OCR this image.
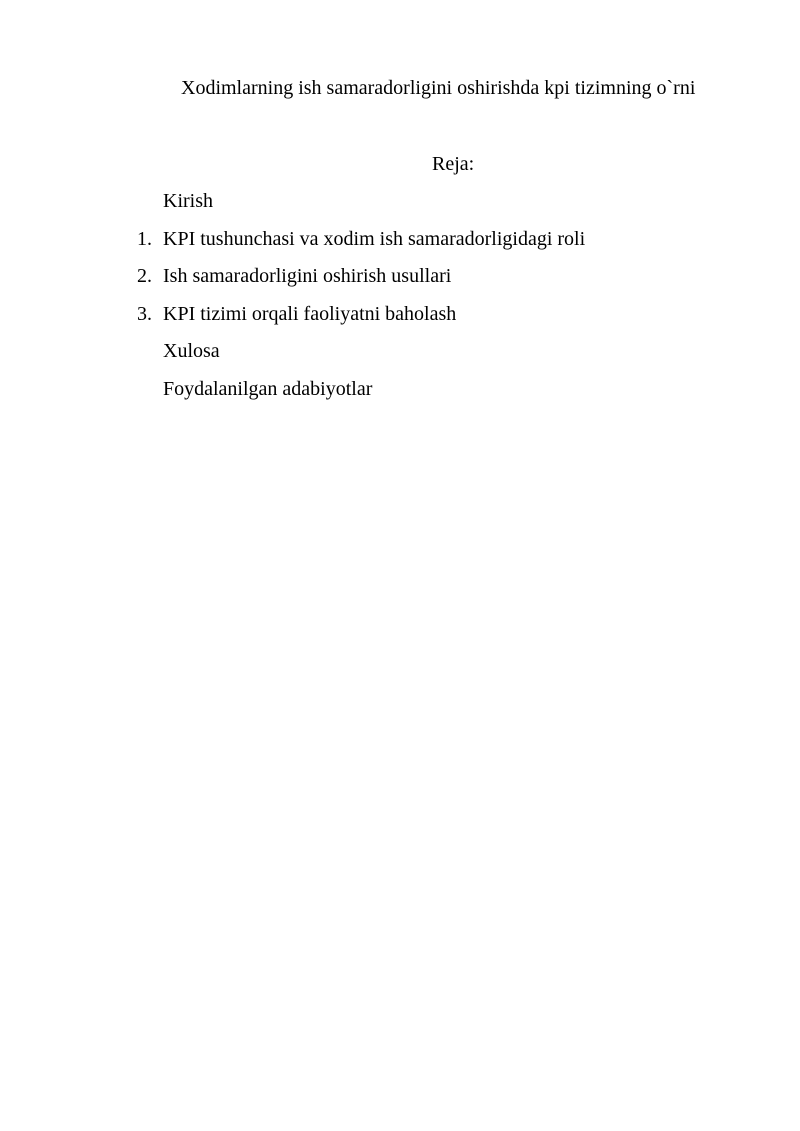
Xodimlarning ish samaradorligini oshirishda kpi tizimning o`rni
Reja:
Kirish
1. KPI tushunchasi va xodim ish samaradorligidagi roli
2. Ish samaradorligini oshirish usullari
3. KPI tizimi orqali faoliyatni baholash
Xulosa
Foydalanilgan adabiyotlar
